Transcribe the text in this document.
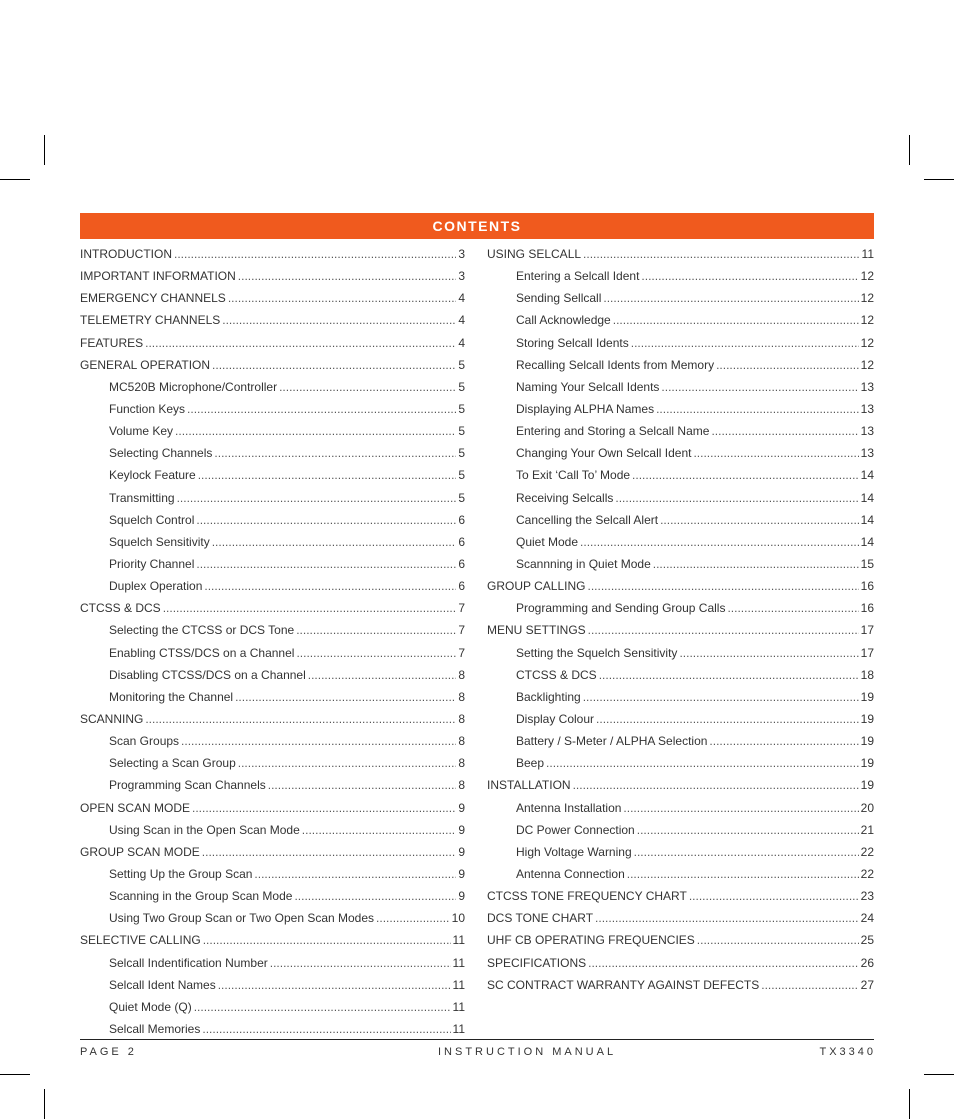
CONTENTS
INTRODUCTION .....	3
IMPORTANT INFORMATION .....	3
EMERGENCY CHANNELS .....	4
TELEMETRY CHANNELS .....	4
FEATURES .....	4
GENERAL OPERATION .....	5
MC520B Microphone/Controller .....	5
Function Keys .....	5
Volume Key .....	5
Selecting Channels .....	5
Keylock Feature .....	5
Transmitting .....	5
Squelch Control .....	6
Squelch Sensitivity .....	6
Priority Channel .....	6
Duplex Operation .....	6
CTCSS & DCS .....	7
Selecting the CTCSS or DCS Tone .....	7
Enabling CTSS/DCS on a Channel .....	7
Disabling CTCSS/DCS on a Channel .....	8
Monitoring the Channel .....	8
SCANNING .....	8
Scan Groups .....	8
Selecting a Scan Group .....	8
Programming Scan Channels .....	8
OPEN SCAN MODE .....	9
Using Scan in the Open Scan Mode .....	9
GROUP SCAN MODE .....	9
Setting Up the Group Scan .....	9
Scanning in the Group Scan Mode .....	9
Using Two Group Scan or Two Open Scan Modes .....	10
SELECTIVE CALLING .....	11
Selcall Indentification Number .....	11
Selcall Ident Names .....	11
Quiet Mode (Q) .....	11
Selcall Memories .....	11
USING SELCALL .....	11
Entering a Selcall Ident .....	12
Sending Sellcall .....	12
Call Acknowledge .....	12
Storing Selcall Idents .....	12
Recalling Selcall Idents from Memory .....	12
Naming Your Selcall Idents .....	13
Displaying ALPHA Names .....	13
Entering and Storing a Selcall Name .....	13
Changing Your Own Selcall Ident .....	13
To Exit ‘Call To’ Mode .....	14
Receiving Selcalls .....	14
Cancelling the Selcall Alert .....	14
Quiet Mode .....	14
Scannning in Quiet Mode .....	15
GROUP CALLING .....	16
Programming and Sending Group Calls .....	16
MENU SETTINGS .....	17
Setting the Squelch Sensitivity .....	17
CTCSS & DCS .....	18
Backlighting .....	19
Display Colour .....	19
Battery / S-Meter / ALPHA Selection .....	19
Beep .....	19
INSTALLATION .....	19
Antenna Installation .....	20
DC Power Connection .....	21
High Voltage Warning .....	22
Antenna Connection .....	22
CTCSS TONE FREQUENCY CHART .....	23
DCS TONE CHART .....	24
UHF CB OPERATING FREQUENCIES .....	25
SPECIFICATIONS .....	26
SC CONTRACT WARRANTY AGAINST DEFECTS .....	27
PAGE 2	INSTRUCTION MANUAL	TX3340
